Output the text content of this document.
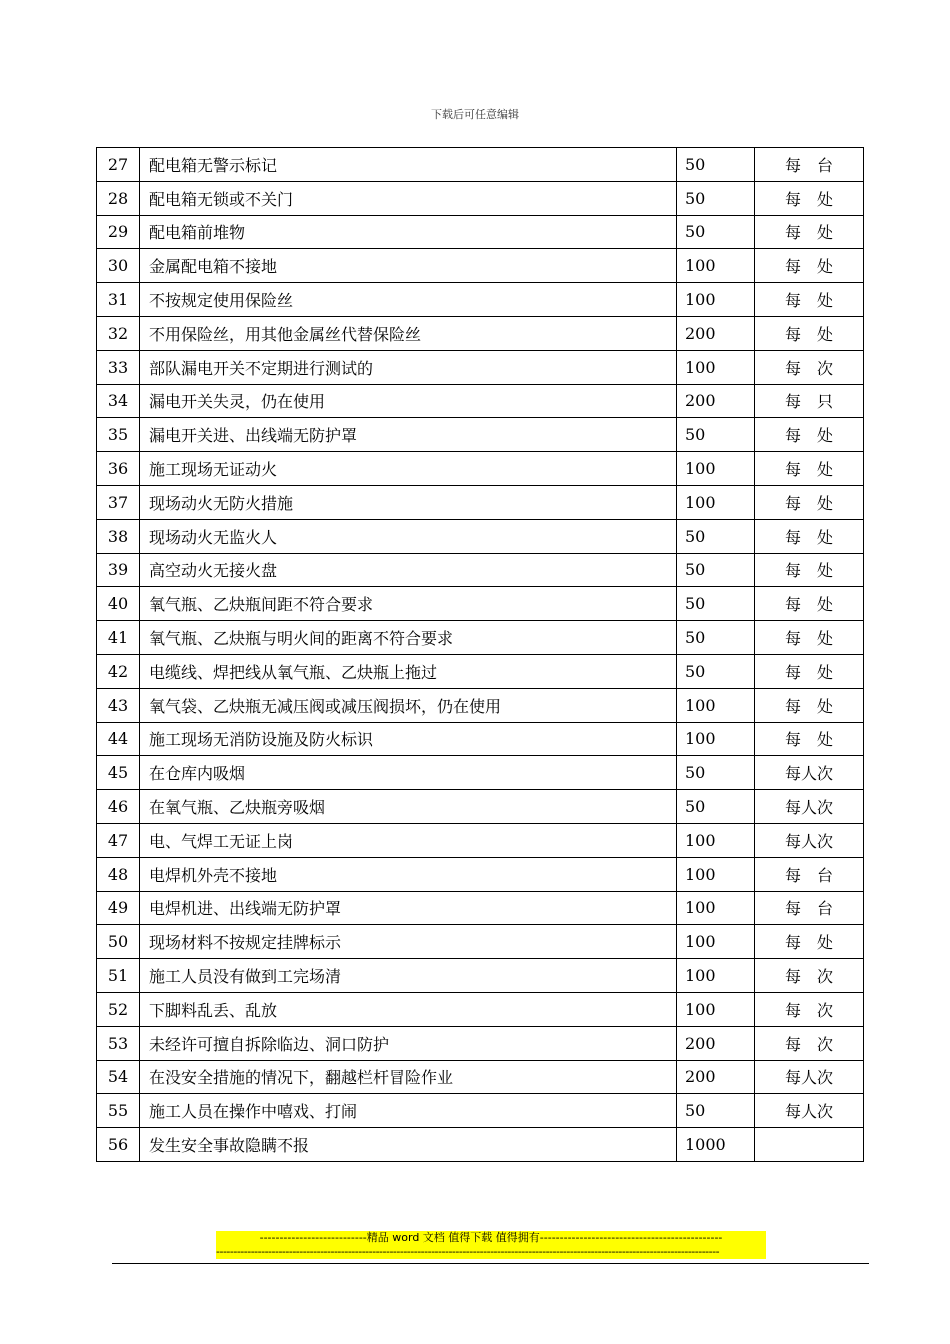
下载后可任意编辑
27	配电箱无警示标记	50	每　台
28	配电箱无锁或不关门	50	每　处
29	配电箱前堆物	50	每　处
30	金属配电箱不接地	100	每　处
31	不按规定使用保险丝	100	每　处
32	不用保险丝，用其他金属丝代替保险丝	200	每　处
33	部队漏电开关不定期进行测试的	100	每　次
34	漏电开关失灵，仍在使用	200	每　只
35	漏电开关进、出线端无防护罩	50	每　处
36	施工现场无证动火	100	每　处
37	现场动火无防火措施	100	每　处
38	现场动火无监火人	50	每　处
39	高空动火无接火盘	50	每　处
40	氧气瓶、乙炔瓶间距不符合要求	50	每　处
41	氧气瓶、乙炔瓶与明火间的距离不符合要求	50	每　处
42	电缆线、焊把线从氧气瓶、乙炔瓶上拖过	50	每　处
43	氧气袋、乙炔瓶无减压阀或减压阀损坏，仍在使用	100	每　处
44	施工现场无消防设施及防火标识	100	每　处
45	在仓库内吸烟	50	每人次
46	在氧气瓶、乙炔瓶旁吸烟	50	每人次
47	电、气焊工无证上岗	100	每人次
48	电焊机外壳不接地	100	每　台
49	电焊机进、出线端无防护罩	100	每　台
50	现场材料不按规定挂牌标示	100	每　处
51	施工人员没有做到工完场清	100	每　次
52	下脚料乱丢、乱放	100	每　次
53	未经许可擅自拆除临边、洞口防护	200	每　次
54	在没安全措施的情况下，翻越栏杆冒险作业	200	每人次
55	施工人员在操作中嘻戏、打闹	50	每人次
56	发生安全事故隐瞒不报	1000	
---------------------------精品 word 文档 值得下载 值得拥有----------------------------------------------
-------------------------------------------------------------------------------------------------------------------------------------------------
